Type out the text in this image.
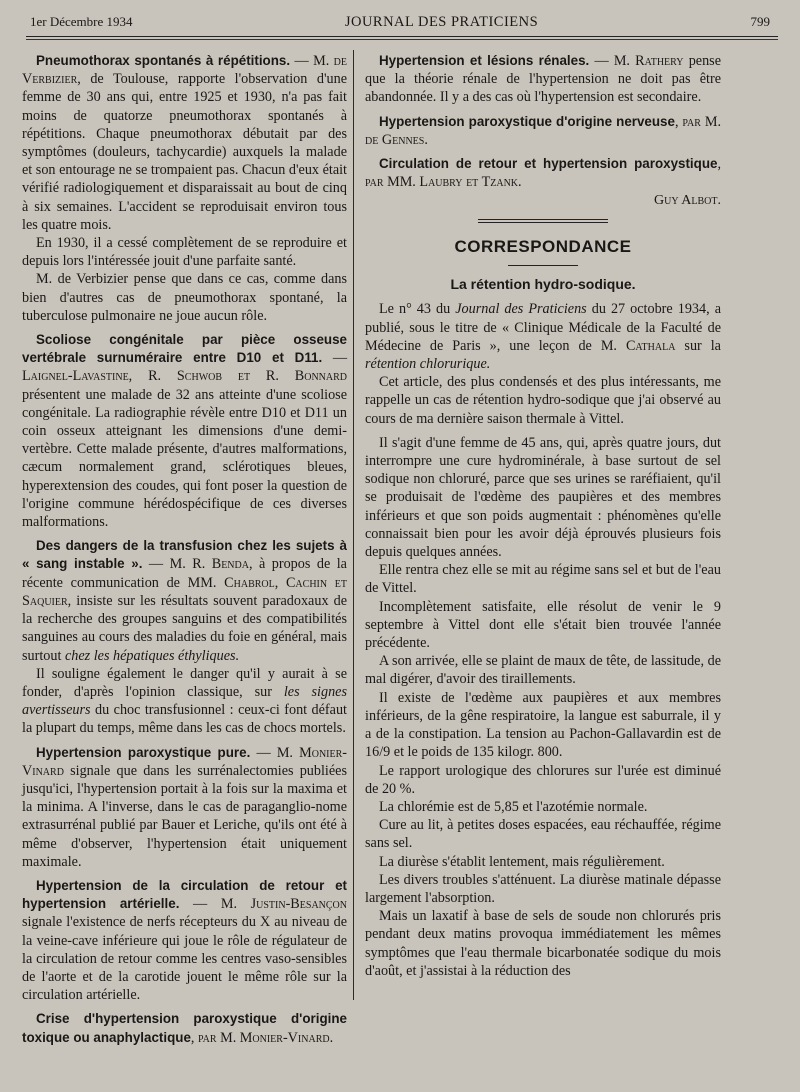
1er Décembre 1934	JOURNAL DES PRATICIENS	799

Pneumothorax spontanés à répétitions. — M. de Verbizier, de Toulouse, rapporte l'observation d'une femme de 30 ans qui, entre 1925 et 1930, n'a pas fait moins de quatorze pneumothorax spontanés à répétitions. Chaque pneumothorax débutait par des symptômes (douleurs, tachycardie) auxquels la malade et son entourage ne se trompaient pas. Chacun d'eux était vérifié radiologiquement et disparaissait au bout de cinq à six semaines. L'accident se reproduisait environ tous les quatre mois.

En 1930, il a cessé complètement de se reproduire et depuis lors l'intéressée jouit d'une parfaite santé.

M. de Verbizier pense que dans ce cas, comme dans bien d'autres cas de pneumothorax spontané, la tuberculose pulmonaire ne joue aucun rôle.

Scoliose congénitale par pièce osseuse vertébrale surnuméraire entre D10 et D11. — Laignel-Lavastine, R. Schwob et R. Bonnard présentent une malade de 32 ans atteinte d'une scoliose congénitale. La radiographie révèle entre D10 et D11 un coin osseux atteignant les dimensions d'une demi-vertèbre. Cette malade présente, d'autres malformations, cæcum normalement grand, sclérotiques bleues, hyperextension des coudes, qui font poser la question de l'origine commune hérédospécifique de ces diverses malformations.

Des dangers de la transfusion chez les sujets à « sang instable ». — M. R. Benda, à propos de la récente communication de MM. Chabrol, Cachin et Saquier, insiste sur les résultats souvent paradoxaux de la recherche des groupes sanguins et des compatibilités sanguines au cours des maladies du foie en général, mais surtout chez les hépatiques éthyliques.

Il souligne également le danger qu'il y aurait à se fonder, d'après l'opinion classique, sur les signes avertisseurs du choc transfusionnel : ceux-ci font défaut la plupart du temps, même dans les cas de chocs mortels.

Hypertension paroxystique pure. — M. Monier-Vinard signale que dans les surrénalectomies publiées jusqu'ici, l'hypertension portait à la fois sur la maxima et la minima. A l'inverse, dans le cas de paraganglio-nome extrasurrénal publié par Bauer et Leriche, qu'ils ont été à même d'observer, l'hypertension était uniquement maximale.

Hypertension de la circulation de retour et hypertension artérielle. — M. Justin-Besançon signale l'existence de nerfs récepteurs du X au niveau de la veine-cave inférieure qui joue le rôle de régulateur de la circulation de retour comme les centres vaso-sensibles de l'aorte et de la carotide jouent le même rôle sur la circulation artérielle.

Crise d'hypertension paroxystique d'origine toxique ou anaphylactique, par M. Monier-Vinard.

Hypertension et lésions rénales. — M. Rathery pense que la théorie rénale de l'hypertension ne doit pas être abandonnée. Il y a des cas où l'hypertension est secondaire.

Hypertension paroxystique d'origine nerveuse, par M. de Gennes.

Circulation de retour et hypertension paroxystique, par MM. Laubry et Tzank.

Guy Albot.
CORRESPONDANCE
La rétention hydro-sodique.

Le n° 43 du Journal des Praticiens du 27 octobre 1934, a publié, sous le titre de « Clinique Médicale de la Faculté de Médecine de Paris », une leçon de M. Cathala sur la rétention chlorurique.

Cet article, des plus condensés et des plus intéressants, me rappelle un cas de rétention hydro-sodique que j'ai observé au cours de ma dernière saison thermale à Vittel.

Il s'agit d'une femme de 45 ans, qui, après quatre jours, dut interrompre une cure hydrominérale, à base surtout de sel sodique non chloruré, parce que ses urines se raréfiaient, qu'il se produisait de l'œdème des paupières et des membres inférieurs et que son poids augmentait : phénomènes qu'elle connaissait bien pour les avoir déjà éprouvés plusieurs fois depuis quelques années.

Elle rentra chez elle se mit au régime sans sel et but de l'eau de Vittel.

Incomplètement satisfaite, elle résolut de venir le 9 septembre à Vittel dont elle s'était bien trouvée l'année précédente.

A son arrivée, elle se plaint de maux de tête, de lassitude, de mal digérer, d'avoir des tiraillements.

Il existe de l'œdème aux paupières et aux membres inférieurs, de la gêne respiratoire, la langue est saburrale, il y a de la constipation. La tension au Pachon-Gallavardin est de 16/9 et le poids de 135 kilogr. 800.

Le rapport urologique des chlorures sur l'urée est diminué de 20 %.

La chlorémie est de 5,85 et l'azotémie normale.

Cure au lit, à petites doses espacées, eau réchauffée, régime sans sel.

La diurèse s'établit lentement, mais régulièrement.

Les divers troubles s'atténuent. La diurèse matinale dépasse largement l'absorption.

Mais un laxatif à base de sels de soude non chlorurés pris pendant deux matins provoqua immédiatement les mêmes symptômes que l'eau thermale bicarbonatée sodique du mois d'août, et j'assistai à la réduction des
